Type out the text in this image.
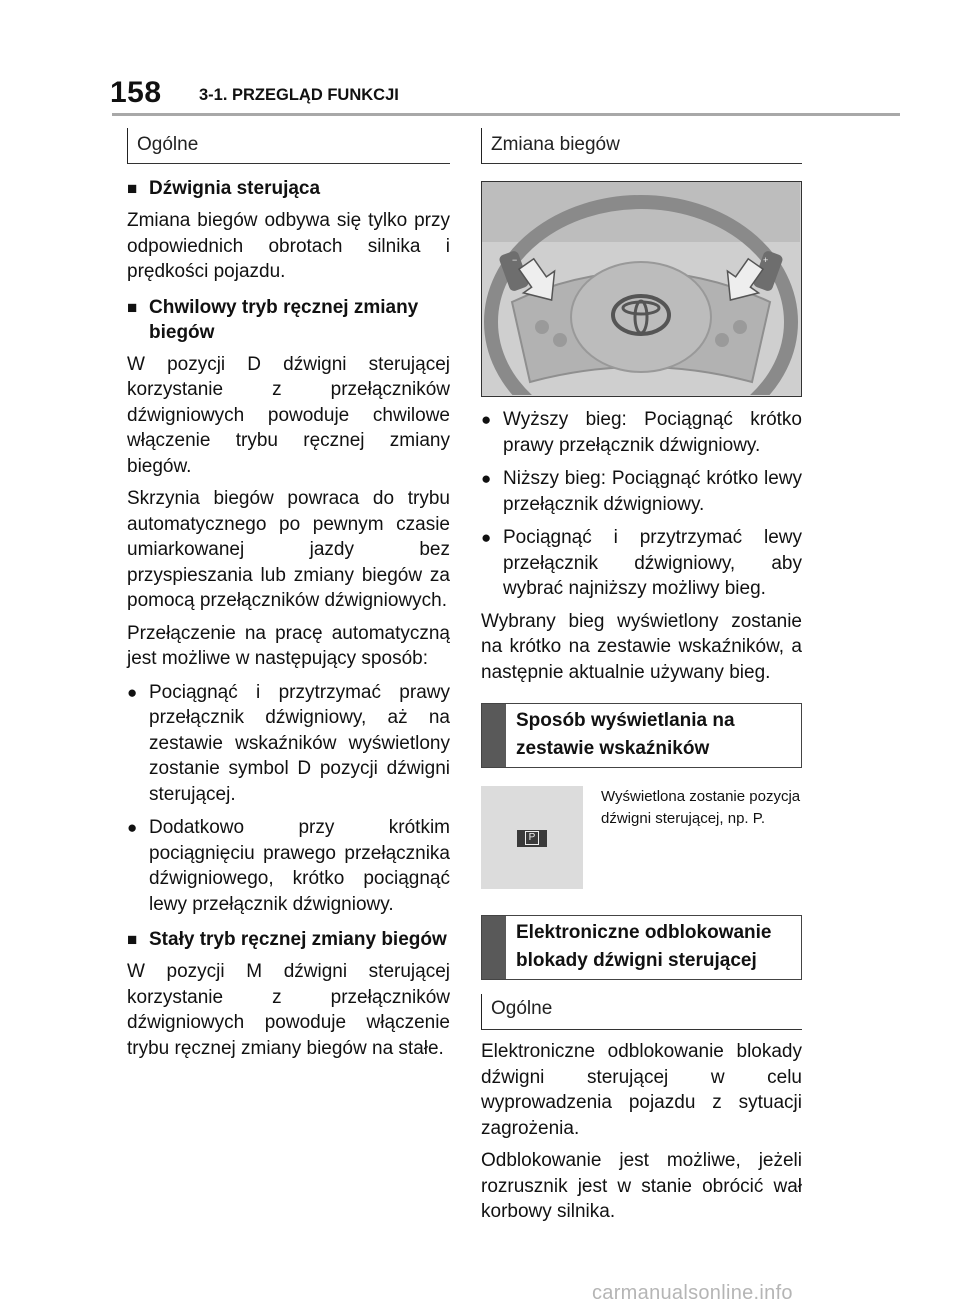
158 3-1. PRZEGLĄD FUNKCJI
Ogólne
■ Dźwignia sterująca

Zmiana biegów odbywa się tylko przy odpowiednich obrotach silnika i prędkości pojazdu.

■ Chwilowy tryb ręcznej zmiany biegów

W pozycji D dźwigni sterującej korzystanie z przełączników dźwigniowych powoduje chwilowe włączenie trybu ręcznej zmiany biegów.

Skrzynia biegów powraca do trybu automatycznego po pewnym czasie umiarkowanej jazdy bez przyspieszania lub zmiany biegów za pomocą przełączników dźwigniowych.

Przełączenie na pracę automatyczną jest możliwe w następujący sposób:

● Pociągnąć i przytrzymać prawy przełącznik dźwigniowy, aż na zestawie wskaźników wyświetlony zostanie symbol D pozycji dźwigni sterującej.
● Dodatkowo przy krótkim pociągnięciu prawego przełącznika dźwigniowego, krótko pociągnąć lewy przełącznik dźwigniowy.
■ Stały tryb ręcznej zmiany biegów

W pozycji M dźwigni sterującej korzystanie z przełączników dźwigniowych powoduje włączenie trybu ręcznej zmiany biegów na stałe.

Zmiana biegów
−	+
● Wyższy bieg: Pociągnąć krótko prawy przełącznik dźwigniowy.
● Niższy bieg: Pociągnąć krótko lewy przełącznik dźwigniowy.
● Pociągnąć i przytrzymać lewy przełącznik dźwigniowy, aby wybrać najniższy możliwy bieg.

Wybrany bieg wyświetlony zostanie na krótko na zestawie wskaźników, a następnie aktualnie używany bieg.

Sposób wyświetlania na zestawie wskaźników
P
Wyświetlona zostanie pozycja dźwigni sterującej, np. P.
Elektroniczne odblokowanie blokady dźwigni sterującej
Ogólne

Elektroniczne odblokowanie blokady dźwigni sterującej w celu wyprowadzenia pojazdu z sytuacji zagrożenia.

Odblokowanie jest możliwe, jeżeli rozrusznik jest w stanie obrócić wał korbowy silnika.

carmanualsonline.info
